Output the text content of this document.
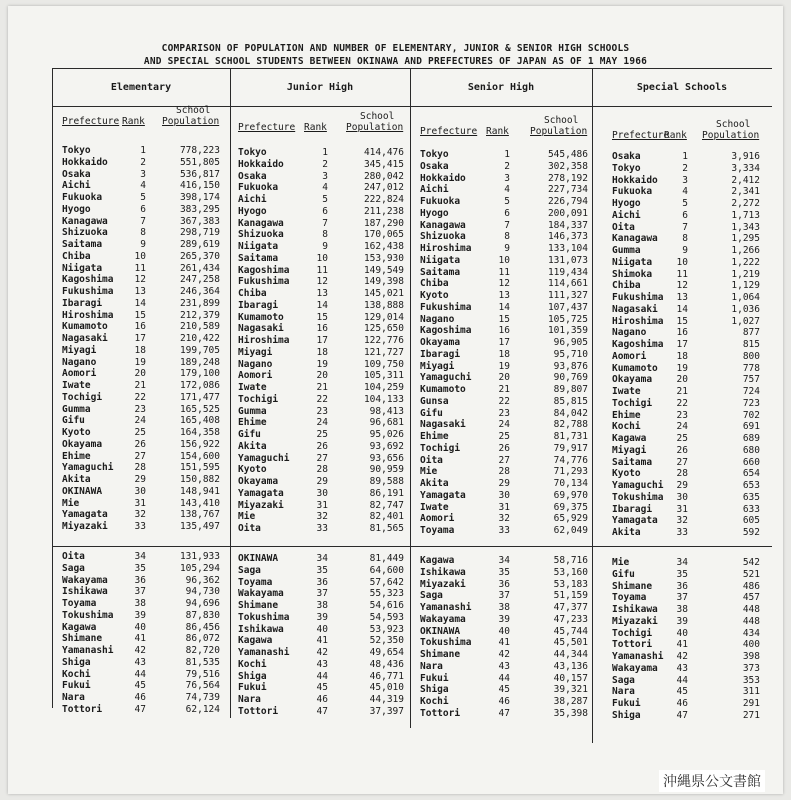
COMPARISON OF POPULATION AND NUMBER OF ELEMENTARY, JUNIOR & SENIOR HIGH SCHOOLS
AND SPECIAL SCHOOL STUDENTS BETWEEN OKINAWA AND PREFECTURES OF JAPAN AS OF 1 MAY 1966
Elementary
Prefecture Rank
School
Population
Tokyo	1	778,223
Hokkaido	2	551,805
Osaka	3	536,817
Aichi	4	416,150
Fukuoka	5	398,174
Hyogo	6	383,295
Kanagawa	7	367,383
Shizuoka	8	298,719
Saitama	9	289,619
Chiba	10	265,370
Niigata	11	261,434
Kagoshima	12	247,258
Fukushima	13	246,364
Ibaragi	14	231,899
Hiroshima	15	212,379
Kumamoto	16	210,589
Nagasaki	17	210,422
Miyagi	18	199,705
Nagano	19	189,248
Aomori	20	179,100
Iwate	21	172,086
Tochigi	22	171,477
Gumma	23	165,525
Gifu	24	165,408
Kyoto	25	164,358
Okayama	26	156,922
Ehime	27	154,600
Yamaguchi	28	151,595
Akita	29	150,882
OKINAWA	30	148,941
Mie	31	143,410
Yamagata	32	138,767
Miyazaki	33	135,497
Oita	34	131,933
Saga	35	105,294
Wakayama	36	96,362
Ishikawa	37	94,730
Toyama	38	94,696
Tokushima	39	87,830
Kagawa	40	86,456
Shimane	41	86,072
Yamanashi	42	82,720
Shiga	43	81,535
Kochi	44	79,516
Fukui	45	76,564
Nara	46	74,739
Tottori	47	62,124
Junior High
Prefecture Rank
School
Population
Tokyo	1	414,476
Hokkaido	2	345,415
Osaka	3	280,042
Fukuoka	4	247,012
Aichi	5	222,824
Hyogo	6	211,238
Kanagawa	7	187,290
Shizuoka	8	170,065
Niigata	9	162,438
Saitama	10	153,930
Kagoshima	11	149,549
Fukushima	12	149,398
Chiba	13	145,021
Ibaragi	14	138,888
Kumamoto	15	129,014
Nagasaki	16	125,650
Hiroshima	17	122,776
Miyagi	18	121,727
Nagano	19	109,750
Aomori	20	105,311
Iwate	21	104,259
Tochigi	22	104,133
Gumma	23	98,413
Ehime	24	96,681
Gifu	25	95,026
Akita	26	93,692
Yamaguchi	27	93,656
Kyoto	28	90,959
Okayama	29	89,588
Yamagata	30	86,191
Miyazaki	31	82,747
Mie	32	82,401
Oita	33	81,565
OKINAWA	34	81,449
Saga	35	64,600
Toyama	36	57,642
Wakayama	37	55,323
Shimane	38	54,616
Tokushima	39	54,593
Ishikawa	40	53,923
Kagawa	41	52,350
Yamanashi	42	49,654
Kochi	43	48,436
Shiga	44	46,771
Fukui	45	45,010
Nara	46	44,319
Tottori	47	37,397
Senior High
Prefecture Rank
School
Population
Tokyo	1	545,486
Osaka	2	302,358
Hokkaido	3	278,192
Aichi	4	227,734
Fukuoka	5	226,794
Hyogo	6	200,091
Kanagawa	7	184,337
Shizuoka	8	146,373
Hiroshima	9	133,104
Niigata	10	131,073
Saitama	11	119,434
Chiba	12	114,661
Kyoto	13	111,327
Fukushima	14	107,437
Nagano	15	105,725
Kagoshima	16	101,359
Okayama	17	96,905
Ibaragi	18	95,710
Miyagi	19	93,876
Yamaguchi	20	90,769
Kumamoto	21	89,807
Gunsa	22	85,815
Gifu	23	84,042
Nagasaki	24	82,788
Ehime	25	81,731
Tochigi	26	79,917
Oita	27	74,776
Mie	28	71,293
Akita	29	70,134
Yamagata	30	69,970
Iwate	31	69,375
Aomori	32	65,929
Toyama	33	62,049
Kagawa	34	58,716
Ishikawa	35	53,160
Miyazaki	36	53,183
Saga	37	51,159
Yamanashi	38	47,377
Wakayama	39	47,233
OKINAWA	40	45,744
Tokushima	41	45,501
Shimane	42	44,344
Nara	43	43,136
Fukui	44	40,157
Shiga	45	39,321
Kochi	46	38,287
Tottori	47	35,398
Special Schools
Prefecture
Rank
School
Population
Osaka	1	3,916
Tokyo	2	3,334
Hokkaido	3	2,412
Fukuoka	4	2,341
Hyogo	5	2,272
Aichi	6	1,713
Oita	7	1,343
Kanagawa	8	1,295
Gumma	9	1,266
Niigata	10	1,222
Shimoka	11	1,219
Chiba	12	1,129
Fukushima	13	1,064
Nagasaki	14	1,036
Hiroshima	15	1,027
Nagano	16	877
Kagoshima	17	815
Aomori	18	800
Kumamoto	19	778
Okayama	20	757
Iwate	21	724
Tochigi	22	723
Ehime	23	702
Kochi	24	691
Kagawa	25	689
Miyagi	26	680
Saitama	27	660
Kyoto	28	654
Yamaguchi	29	653
Tokushima	30	635
Ibaragi	31	633
Yamagata	32	605
Akita	33	592
Mie	34	542
Gifu	35	521
Shimane	36	486
Toyama	37	457
Ishikawa	38	448
Miyazaki	39	448
Tochigi	40	434
Tottori	41	400
Yamanashi	42	398
Wakayama	43	373
Saga	44	353
Nara	45	311
Fukui	46	291
Shiga	47	271
沖縄県公文書館
